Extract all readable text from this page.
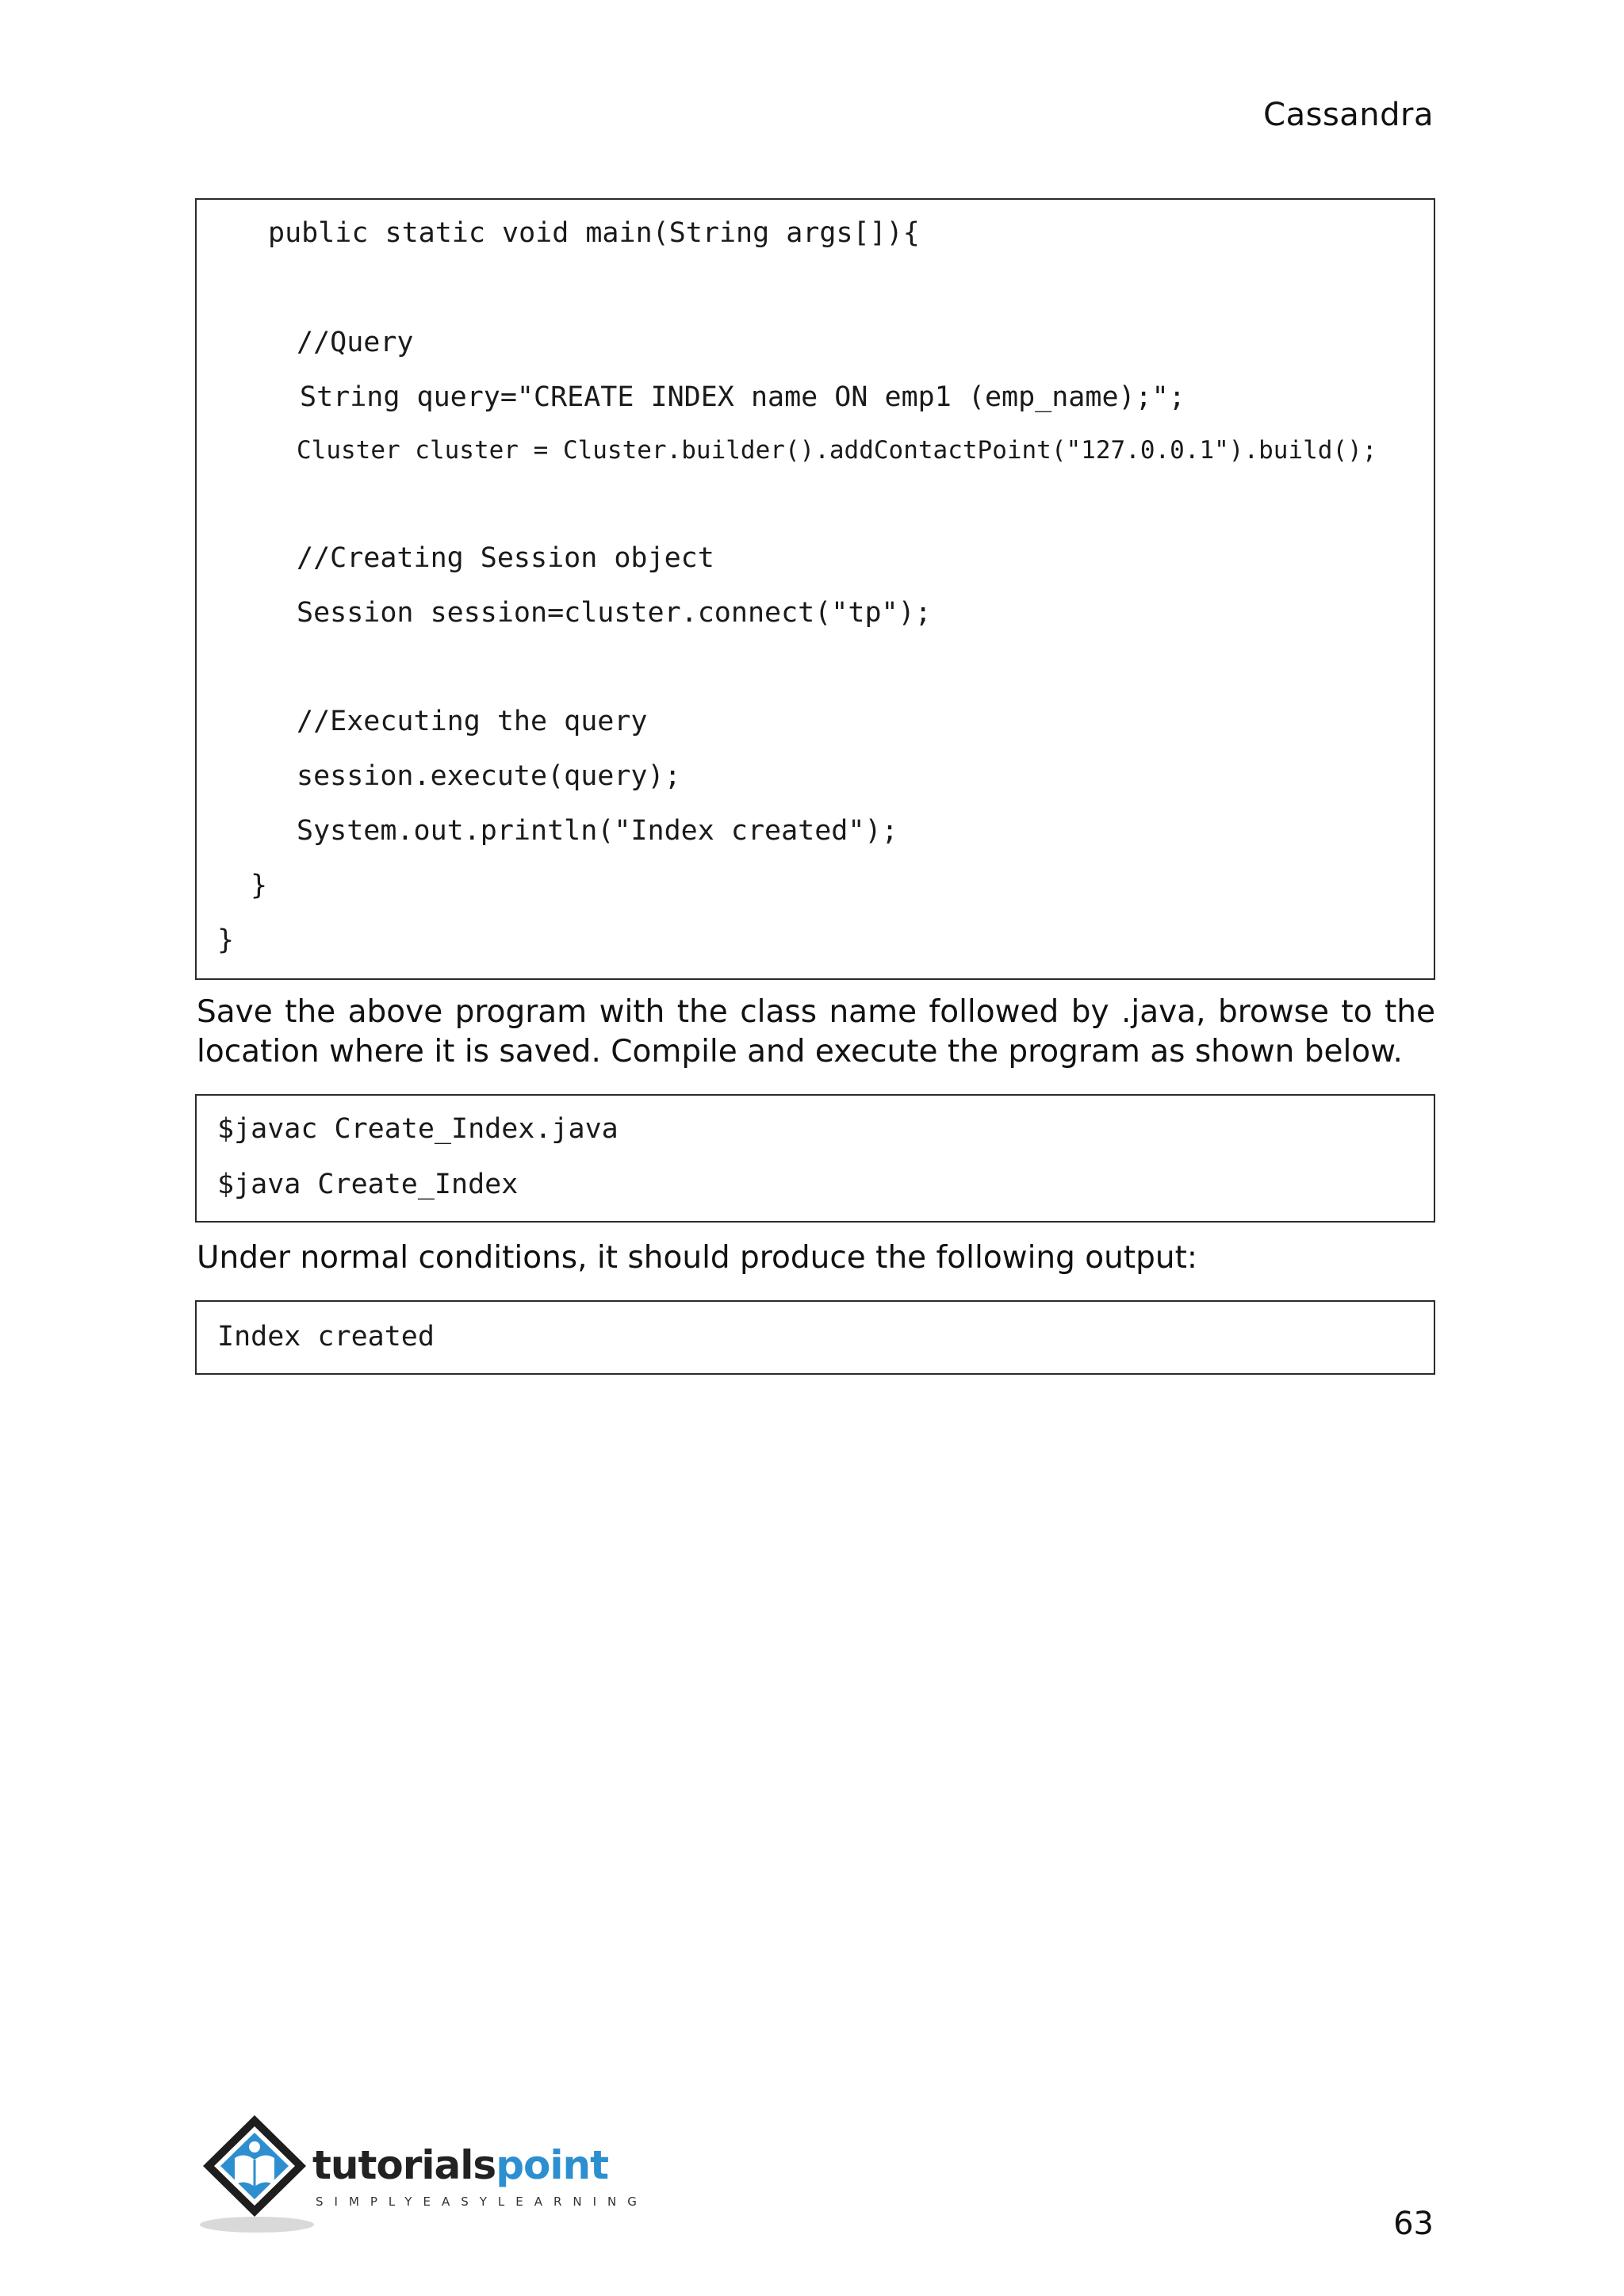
Cassandra
public static void main(String args[]){
//Query
String query="CREATE INDEX name ON emp1 (emp_name);";
Cluster cluster = Cluster.builder().addContactPoint("127.0.0.1").build();
//Creating Session object
Session session=cluster.connect("tp");
//Executing the query
session.execute(query);
System.out.println("Index created");
}
}
Save the above program with the class name followed by .java, browse to the location where it is saved. Compile and execute the program as shown below.
$javac Create_Index.java
$java Create_Index
Under normal conditions, it should produce the following output:
Index created
tutorialspoint
SIMPLYEASYLEARNING
63
